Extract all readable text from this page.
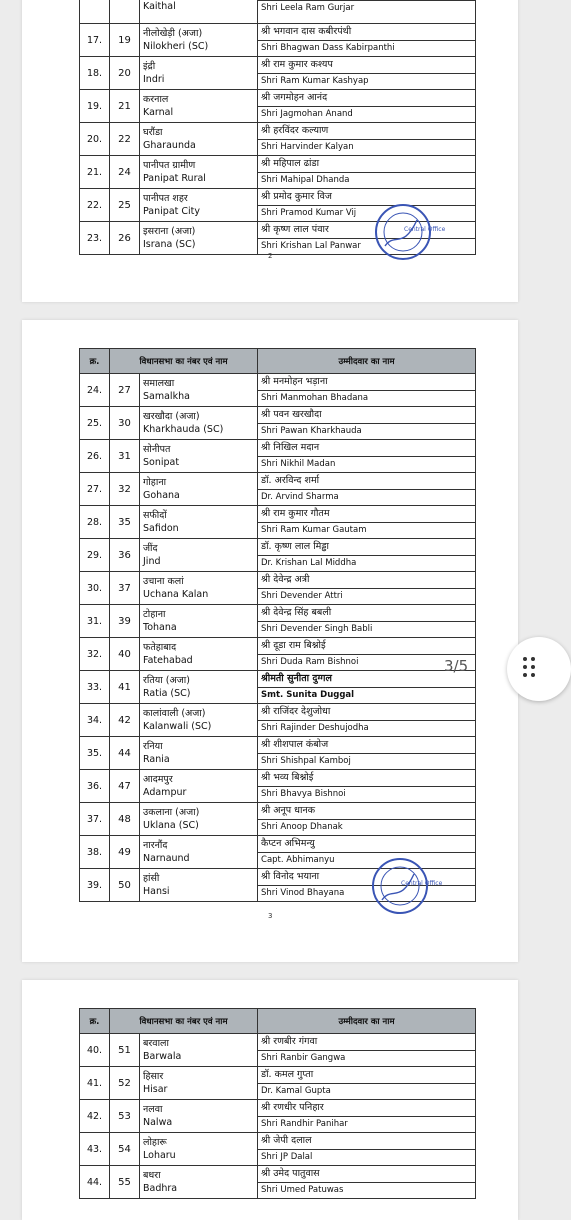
		Kaithal	Shri Leela Ram Gurjar

17.	19	नीलोखेड़ी (अजा)
Nilokheri (SC)	श्री भगवान दास कबीरपंथी
Shri Bhagwan Dass Kabirpanthi

18.	20	इंद्री
Indri	श्री राम कुमार कश्यप
Shri Ram Kumar Kashyap

19.	21	करनाल
Karnal	श्री जगमोहन आनंद
Shri Jagmohan Anand

20.	22	घरौंडा
Gharaunda	श्री हरविंदर कल्याण
Shri Harvinder Kalyan

21.	24	पानीपत ग्रामीण
Panipat Rural	श्री महिपाल ढांडा
Shri Mahipal Dhanda

22.	25	पानीपत शहर
Panipat City	श्री प्रमोद कुमार विज
Shri Pramod Kumar Vij

23.	26	इसराना (अजा)
Israna (SC)	श्री कृष्ण लाल पंवार
Shri Krishan Lal Panwar
2
Central Office
क्र.	विधानसभा का नंबर एवं नाम		उम्मीदवार का नाम
24.	27	समालखा
Samalkha	श्री मनमोहन भड़ाना
Shri Manmohan Bhadana

25.	30	खरखौदा (अजा)
Kharkhauda (SC)	श्री पवन खरखौदा
Shri Pawan Kharkhauda

26.	31	सोनीपत
Sonipat	श्री निखिल मदान
Shri Nikhil Madan

27.	32	गोहाना
Gohana	डॉ. अरविन्द शर्मा
Dr. Arvind Sharma

28.	35	सफीदों
Safidon	श्री राम कुमार गौतम
Shri Ram Kumar Gautam

29.	36	जींद
Jind	डॉ. कृष्ण लाल मिड्ढा
Dr. Krishan Lal Middha

30.	37	उचाना कलां
Uchana Kalan	श्री देवेन्द्र अत्री
Shri Devender Attri

31.	39	टोहाना
Tohana	श्री देवेन्द्र सिंह बबली
Shri Devender Singh Babli

32.	40	फतेहाबाद
Fatehabad	श्री दूडा राम बिश्नोई
Shri Duda Ram Bishnoi

33.	41	रतिया (अजा)
Ratia (SC)	श्रीमती सुनीता दुग्गल
Smt. Sunita Duggal

34.	42	कालांवाली (अजा)
Kalanwali (SC)	श्री राजिंदर देशुजोधा
Shri Rajinder Deshujodha

35.	44	रनिया
Rania	श्री शीशपाल कंबोज
Shri Shishpal Kamboj

36.	47	आदमपुर
Adampur	श्री भव्य बिश्नोई
Shri Bhavya Bishnoi

37.	48	उकलाना (अजा)
Uklana (SC)	श्री अनूप धानक
Shri Anoop Dhanak

38.	49	नारनौंद
Narnaund	कैप्टन अभिमन्यु
Capt. Abhimanyu

39.	50	हांसी
Hansi	श्री विनोद भयाना
Shri Vinod Bhayana
3
Central Office
क्र.	विधानसभा का नंबर एवं नाम		उम्मीदवार का नाम
40.	51	बरवाला
Barwala	श्री रणबीर गंगवा
Shri Ranbir Gangwa

41.	52	हिसार
Hisar	डॉ. कमल गुप्ता
Dr. Kamal Gupta

42.	53	नलवा
Nalwa	श्री रणधीर पनिहार
Shri Randhir Panihar

43.	54	लोहारू
Loharu	श्री जेपी दलाल
Shri JP Dalal

44.	55	बधरा
Badhra	श्री उमेद पातुवास
Shri Umed Patuwas
3/5
